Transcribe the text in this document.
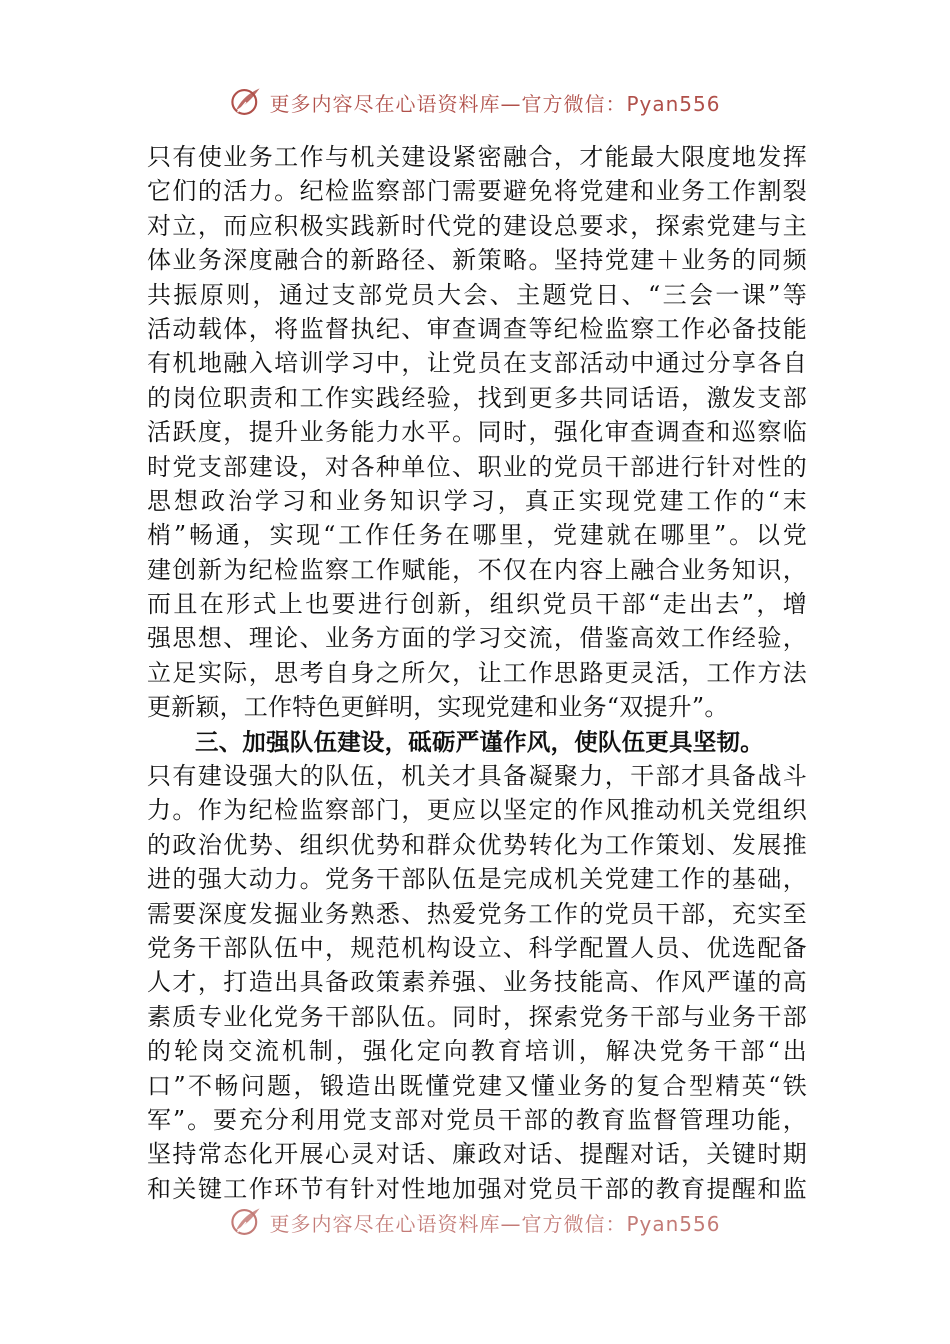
更多内容尽在心语资料库—官方微信：Pyan556
只有使业务工作与机关建设紧密融合，才能最大限度地发挥
它们的活力。纪检监察部门需要避免将党建和业务工作割裂
对立，而应积极实践新时代党的建设总要求，探索党建与主
体业务深度融合的新路径、新策略。坚持党建＋业务的同频
共振原则，通过支部党员大会、主题党日、“三会一课”等
活动载体，将监督执纪、审查调查等纪检监察工作必备技能
有机地融入培训学习中，让党员在支部活动中通过分享各自
的岗位职责和工作实践经验，找到更多共同话语，激发支部
活跃度，提升业务能力水平。同时，强化审查调查和巡察临
时党支部建设，对各种单位、职业的党员干部进行针对性的
思想政治学习和业务知识学习，真正实现党建工作的“末
梢”畅通，实现“工作任务在哪里，党建就在哪里”。以党
建创新为纪检监察工作赋能，不仅在内容上融合业务知识，
而且在形式上也要进行创新，组织党员干部“走出去”，增
强思想、理论、业务方面的学习交流，借鉴高效工作经验，
立足实际，思考自身之所欠，让工作思路更灵活，工作方法
更新颖，工作特色更鲜明，实现党建和业务“双提升”。
三、加强队伍建设，砥砺严谨作风，使队伍更具坚韧。
只有建设强大的队伍，机关才具备凝聚力，干部才具备战斗
力。作为纪检监察部门，更应以坚定的作风推动机关党组织
的政治优势、组织优势和群众优势转化为工作策划、发展推
进的强大动力。党务干部队伍是完成机关党建工作的基础，
需要深度发掘业务熟悉、热爱党务工作的党员干部，充实至
党务干部队伍中，规范机构设立、科学配置人员、优选配备
人才，打造出具备政策素养强、业务技能高、作风严谨的高
素质专业化党务干部队伍。同时，探索党务干部与业务干部
的轮岗交流机制，强化定向教育培训，解决党务干部“出
口”不畅问题，锻造出既懂党建又懂业务的复合型精英“铁
军”。要充分利用党支部对党员干部的教育监督管理功能，
坚持常态化开展心灵对话、廉政对话、提醒对话，关键时期
和关键工作环节有针对性地加强对党员干部的教育提醒和监
更多内容尽在心语资料库—官方微信：Pyan556
